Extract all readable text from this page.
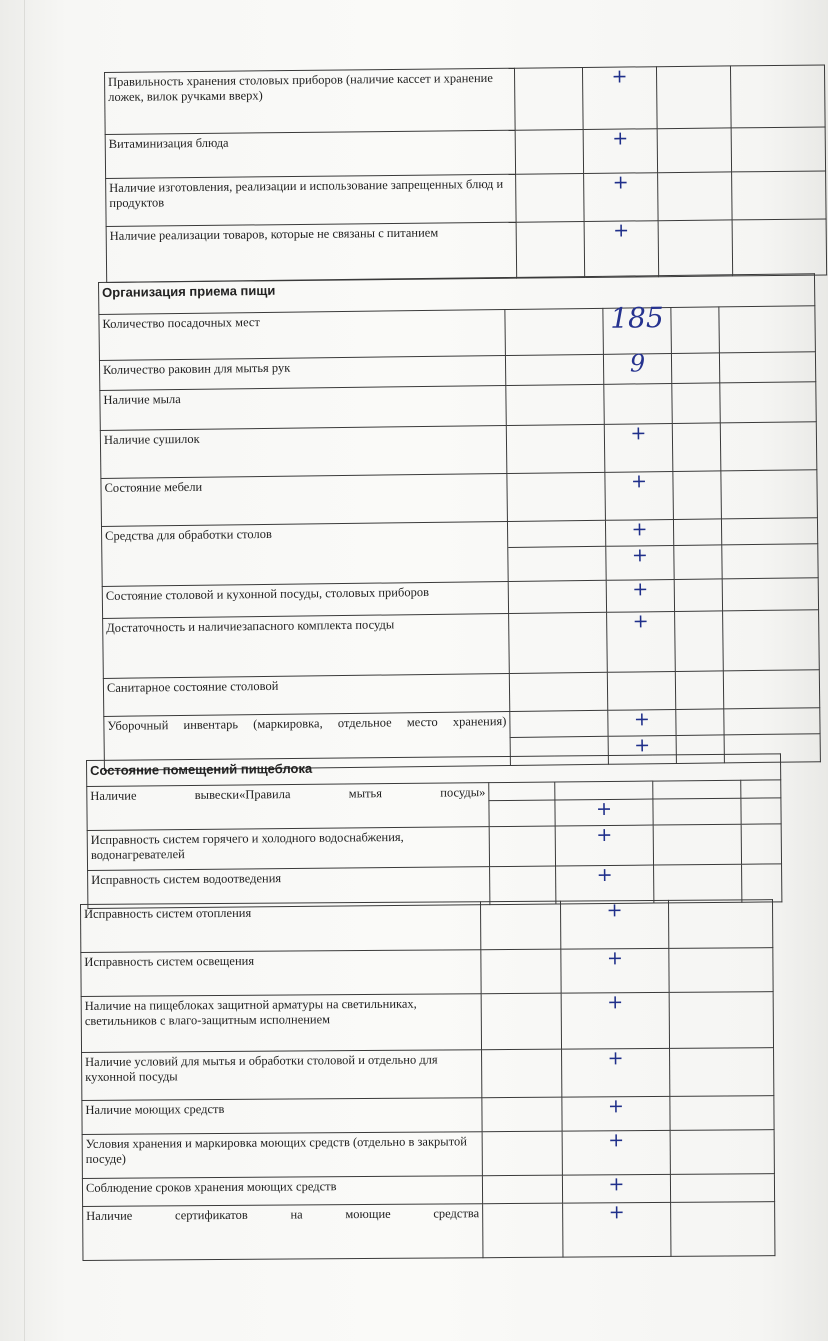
Правильность хранения столовых приборов (наличие кассет и хранение ложек, вилок ручками вверх)		+		
Витаминизация блюда		+		
Наличие изготовления, реализации и использование запрещенных блюд и продуктов		+		
Наличие реализации товаров, которые не связаны с питанием		+		
Организация приема пищи				
Количество посадочных мест		185		
Количество раковин для мытья рук		9		
Наличие мыла				
Наличие сушилок		+		
Состояние мебели		+		
Средства для обработки столов		+		
		+		
Состояние столовой и кухонной посуды, столовых приборов		+		
Достаточность и наличиезапасного комплекта посуды		+		
Санитарное состояние столовой				
Уборочный инвентарь (маркировка, отдельное место хранения)		+		
		+		
Состояние помещений пищеблока				
Наличие вывески«Правила мытья посуды»				
		+		
Исправность систем горячего и холодного водоснабжения, водонагревателей		+		
Исправность систем водоотведения		+		
Исправность систем отопления		+	
Исправность систем освещения		+	
Наличие на пищеблоках защитной арматуры на светильниках, светильников с влаго-защитным исполнением		+	
Наличие условий для мытья и обработки столовой и отдельно для кухонной посуды		+	
Наличие моющих средств		+	
Условия хранения и маркировка моющих средств (отдельно в закрытой посуде)		+	
Соблюдение сроков хранения моющих средств		+	
Наличие сертификатов на моющие средства		+	
